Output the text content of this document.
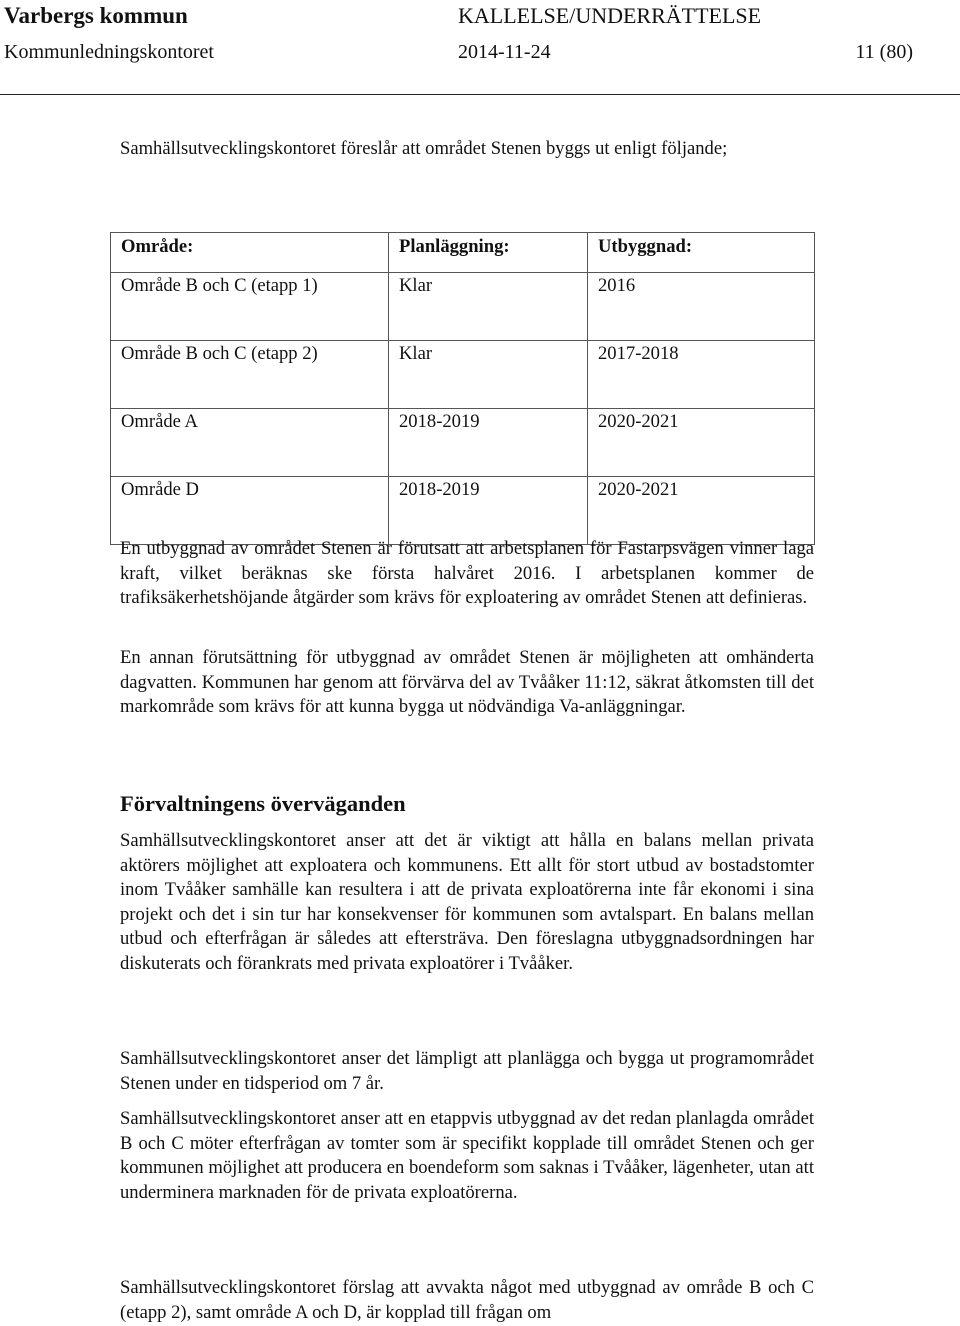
Varbergs kommun	KALLELSE/UNDERRÄTTELSE
Kommunledningskontoret	2014-11-24	11 (80)
Samhällsutvecklingskontoret föreslår att området Stenen byggs ut enligt följande;
Område:	Planläggning:	Utbyggnad:
Område B och C (etapp 1)	Klar	2016
Område B och C (etapp 2)	Klar	2017-2018
Område A	2018-2019	2020-2021
Område D	2018-2019	2020-2021
En utbyggnad av området Stenen är förutsatt att arbetsplanen för Fastarpsvägen vinner laga kraft, vilket beräknas ske första halvåret 2016. I arbetsplanen kommer de trafiksäkerhetshöjande åtgärder som krävs för exploatering av området Stenen att definieras.
En annan förutsättning för utbyggnad av området Stenen är möjligheten att omhänderta dagvatten. Kommunen har genom att förvärva del av Tvååker 11:12, säkrat åtkomsten till det markområde som krävs för att kunna bygga ut nödvändiga Va-anläggningar.
Förvaltningens överväganden
Samhällsutvecklingskontoret anser att det är viktigt att hålla en balans mellan privata aktörers möjlighet att exploatera och kommunens. Ett allt för stort utbud av bostadstomter inom Tvååker samhälle kan resultera i att de privata exploatörerna inte får ekonomi i sina projekt och det i sin tur har konsekvenser för kommunen som avtalspart. En balans mellan utbud och efterfrågan är således att eftersträva. Den föreslagna utbyggnadsordningen har diskuterats och förankrats med privata exploatörer i Tvååker.
Samhällsutvecklingskontoret anser det lämpligt att planlägga och bygga ut programområdet Stenen under en tidsperiod om 7 år.
Samhällsutvecklingskontoret anser att en etappvis utbyggnad av det redan planlagda området B och C möter efterfrågan av tomter som är specifikt kopplade till området Stenen och ger kommunen möjlighet att producera en boendeform som saknas i Tvååker, lägenheter, utan att underminera marknaden för de privata exploatörerna.
Samhällsutvecklingskontoret förslag att avvakta något med utbyggnad av område B och C (etapp 2), samt område A och D, är kopplad till frågan om
